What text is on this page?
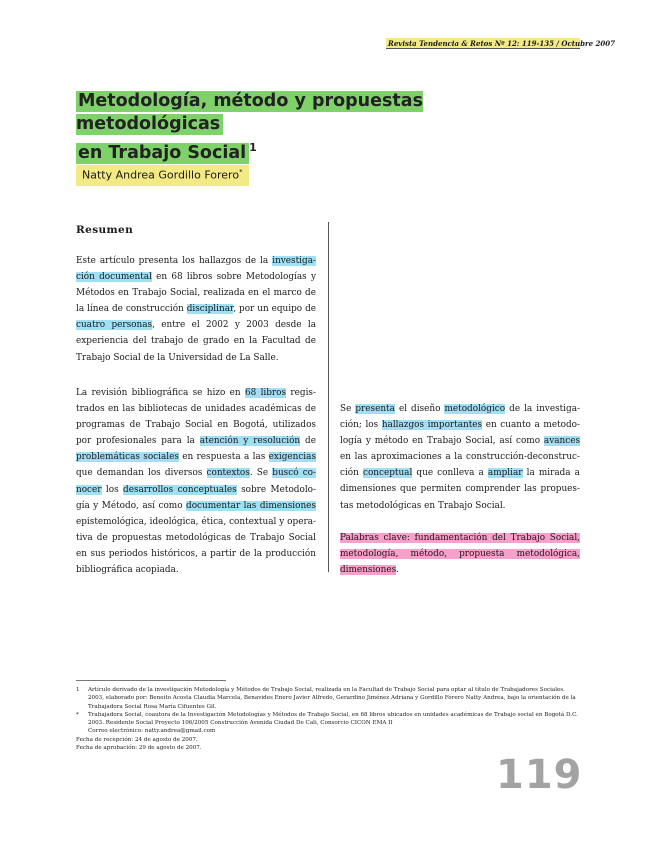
Revista Tendencia & Retos Nº 12: 119-135 / Octubre 2007
Metodología, método y propuestas metodológicas
en Trabajo Social $^1$
Natty Andrea Gordillo Forero*
Resumen

Este artículo presenta los hallazgos de la investiga- ción documental en 68 libros sobre Metodologías y Métodos en Trabajo Social, realizada en el marco de la línea de construcción disciplinar, por un equipo de cuatro personas, entre el 2002 y 2003 desde la experiencia del trabajo de grado en la Facultad de Trabajo Social de la Universidad de La Salle.

La revisión bibliográfica se hizo en 68 libros regis- trados en las bibliotecas de unidades académicas de programas de Trabajo Social en Bogotá, utilizados por profesionales para la atención y resolución de problemáticas sociales en respuesta a las exigencias que demandan los diversos contextos. Se buscó co- nocer los desarrollos conceptuales sobre Metodolo- gía y Método, así como documentar las dimensiones epistemológica, ideológica, ética, contextual y opera- tiva de propuestas metodológicas de Trabajo Social en sus periodos históricos, a partir de la producción bibliográfica acopiada.

Se presenta el diseño metodológico de la investiga- ción; los hallazgos importantes en cuanto a metodo- logía y método en Trabajo Social, así como avances en las aproximaciones a la construcción-deconstruc- ción conceptual que conlleva a ampliar la mirada a dimensiones que permiten comprender las propues- tas metodológicas en Trabajo Social.

Palabras clave: fundamentación del Trabajo Social, metodología, método, propuesta metodológica, dimensiones.

1	Artículo derivado de la investigación Metodología y Métodos de Trabajo Social, realizada en la Facultad de Trabajo Social para optar al título de Trabajadores Sociales. 2003, elaborado por: Beneito Acosta Claudia Marcela, Benavides Enero Javier Alfredo, Gerardino Jiménez Adriana y Gordillo Forero Natty Andrea, bajo la orientación de la Trabajadora Social Rosa María Cifuentes Gil.
*	Trabajadora Social, coautora de la Investigación Metodologías y Métodos de Trabajo Social, en 68 libros ubicados en unidades académicas de Trabajo social en Bogotá D.C. 2003. Residente Social Proyecto 106/2005 Construcción Avenida Ciudad De Cali, Consorcio CICON EMA II
Correo electrónico: natty.andrea@gmail.com
Fecha de recepción: 24 de agosto de 2007.
Fecha de aprobación: 29 de agosto de 2007.
119
